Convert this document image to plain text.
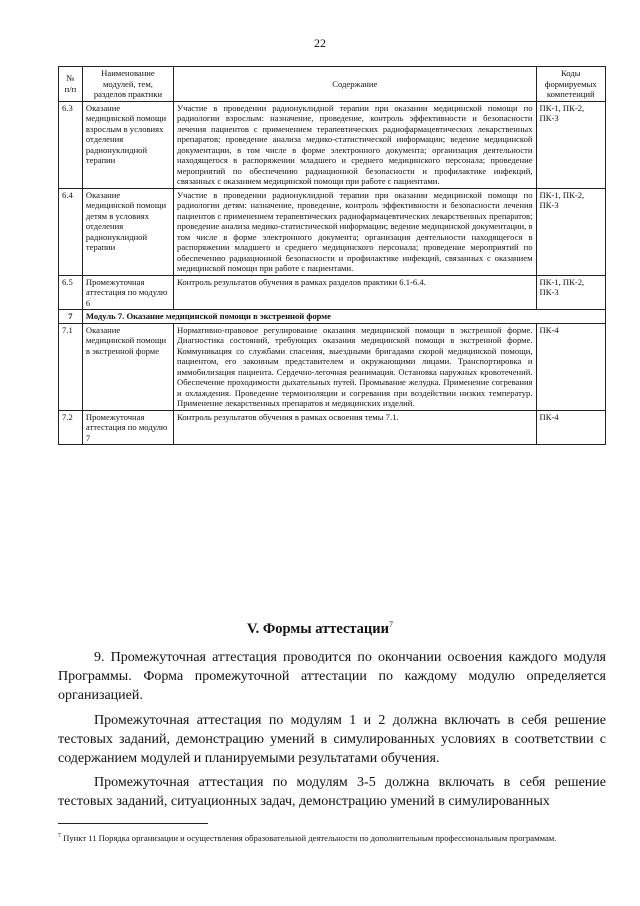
22
№ п/п	Наименование модулей, тем, разделов практики	Содержание	Коды формируемых компетенций
6.3	Оказание медицинской помощи взрослым в условиях отделения радионуклидной терапии	Участие в проведении радионуклидной терапии при оказании медицинской помощи по радиологии взрослым: назначение, проведение, контроль эффективности и безопасности лечения пациентов с применением терапевтических радиофармацевтических лекарственных препаратов; проведение анализа медико-статистической информации; ведение медицинской документации, в том числе в форме электронного документа; организация деятельности находящегося в распоряжении младшего и среднего медицинского персонала; проведение мероприятий по обеспечению радиационной безопасности и профилактике инфекций, связанных с оказанием медицинской помощи при работе с пациентами.	ПК-1, ПК-2, ПК-3
6.4	Оказание медицинской помощи детям в условиях отделения радионуклидной терапии	Участие в проведении радионуклидной терапии при оказании медицинской помощи по радиологии детям: назначение, проведение, контроль эффективности и безопасности лечения пациентов с применением терапевтических радиофармацевтических лекарственных препаратов; проведение анализа медико-статистической информации; ведение медицинской документации, в том числе в форме электронного документа; организация деятельности находящегося в распоряжении младшего и среднего медицинского персонала; проведение мероприятий по обеспечению радиационной безопасности и профилактике инфекций, связанных с оказанием медицинской помощи при работе с пациентами.	ПК-1, ПК-2, ПК-3
6.5	Промежуточная аттестация по модулю 6	Контроль результатов обучения в рамках разделов практики 6.1-6.4.	ПК-1, ПК-2, ПК-3
7	Модуль 7. Оказание медицинской помощи в экстренной форме		
7.1	Оказание медицинской помощи в экстренной форме	Нормативно-правовое регулирование оказания медицинской помощи в экстренной форме. Диагностика состояний, требующих оказания медицинской помощи в экстренной форме. Коммуникация со службами спасения, выездными бригадами скорой медицинской помощи, пациентом, его законным представителем и окружающими лицами. Транспортировка и иммобилизация пациента. Сердечно-легочная реанимация. Остановка наружных кровотечений. Обеспечение проходимости дыхательных путей. Промывание желудка. Применение согревания и охлаждения. Проведение термоизоляции и согревания при воздействии низких температур. Применение лекарственных препаратов и медицинских изделий.	ПК-4
7.2	Промежуточная аттестация по модулю 7	Контроль результатов обучения в рамках освоения темы 7.1.	ПК-4
V. Формы аттестации$^7$

9. Промежуточная аттестация проводится по окончании освоения каждого модуля Программы. Форма промежуточной аттестации по каждому модулю определяется организацией.

Промежуточная аттестация по модулям 1 и 2 должна включать в себя решение тестовых заданий, демонстрацию умений в симулированных условиях в соответствии с содержанием модулей и планируемыми результатами обучения.

Промежуточная аттестация по модулям 3-5 должна включать в себя решение тестовых заданий, ситуационных задач, демонстрацию умений в симулированных

$^7$ Пункт 11 Порядка организации и осуществления образовательной деятельности по дополнительным профессиональным программам.
